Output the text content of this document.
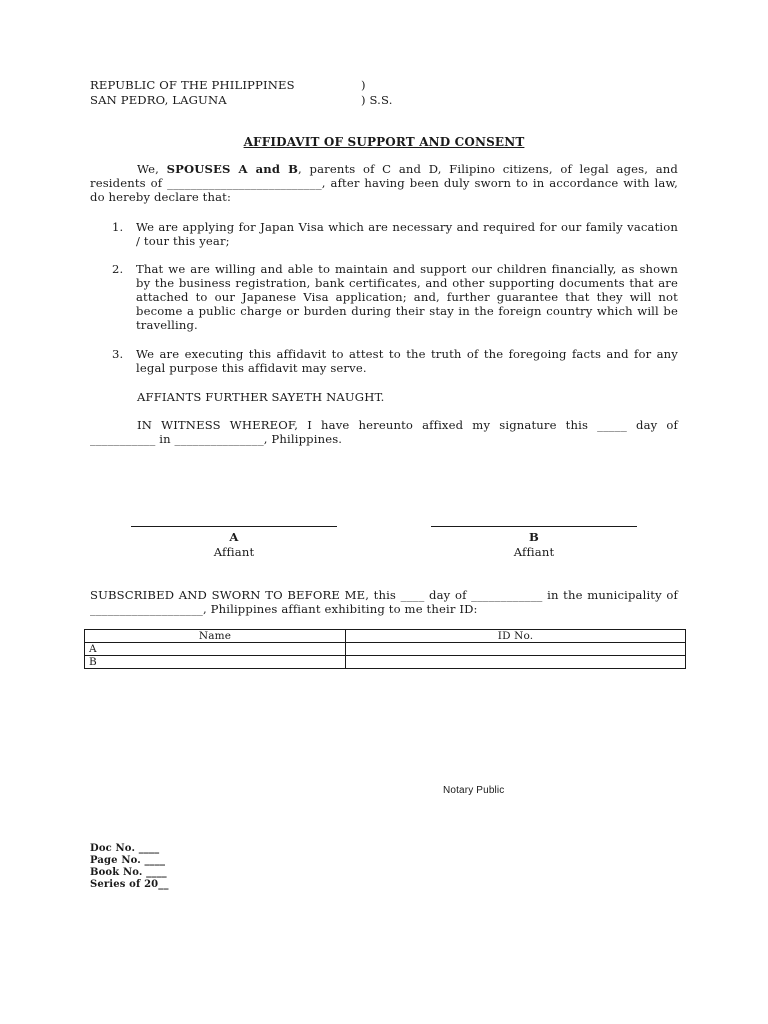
REPUBLIC OF THE PHILIPPINES	)
SAN PEDRO, LAGUNA	) S.S.
AFFIDAVIT OF SUPPORT AND CONSENT
We, SPOUSES A and B, parents of C and D, Filipino citizens, of legal ages, and residents of __________________________, after having been duly sworn to in accordance with law, do hereby declare that:
1. We are applying for Japan Visa which are necessary and required for our family vacation / tour this year;
2. That we are willing and able to maintain and support our children financially, as shown by the business registration, bank certificates, and other supporting documents that are attached to our Japanese Visa application; and, further guarantee that they will not become a public charge or burden during their stay in the foreign country which will be travelling.
3. We are executing this affidavit to attest to the truth of the foregoing facts and for any legal purpose this affidavit may serve.
AFFIANTS FURTHER SAYETH NAUGHT.
IN WITNESS WHEREOF, I have hereunto affixed my signature this _____ day of ___________ in _______________, Philippines.
A
Affiant
B
Affiant
SUBSCRIBED AND SWORN TO BEFORE ME, this ____ day of ____________ in the municipality of ___________________, Philippines affiant exhibiting to me their ID:
Name	ID No.
A	
B	
Notary Public
Doc No. ____
Page No. ____
Book No. ____
Series of 20__
